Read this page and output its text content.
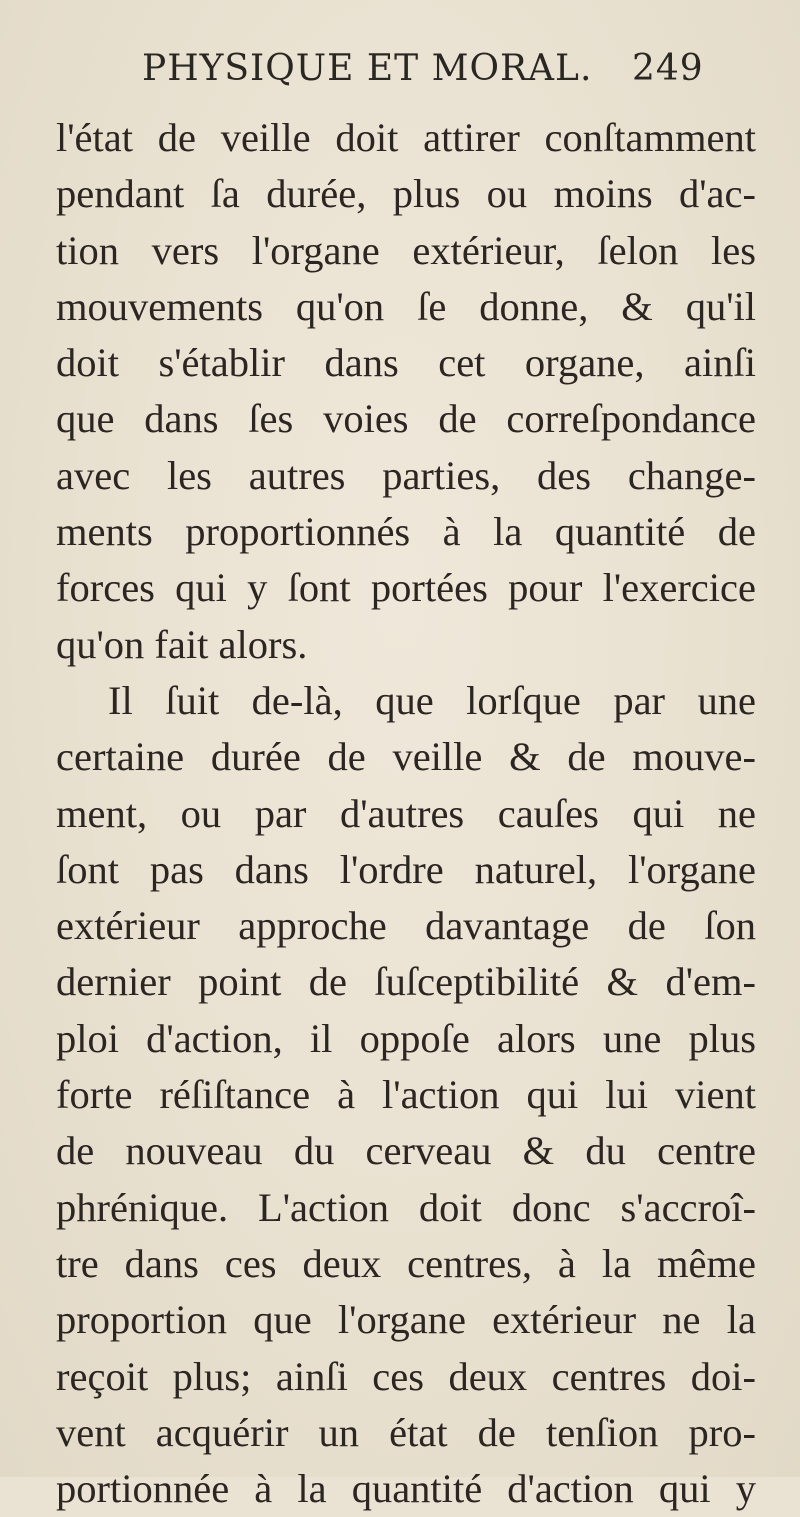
PHYSIQUE ET MORAL. 249
l'état de veille doit attirer conſtamment
pendant ſa durée, plus ou moins d'ac-
tion vers l'organe extérieur, ſelon les
mouvements qu'on ſe donne, & qu'il
doit s'établir dans cet organe, ainſi
que dans ſes voies de correſpondance
avec les autres parties, des change-
ments proportionnés à la quantité de
forces qui y ſont portées pour l'exercice
qu'on fait alors.
Il ſuit de-là, que lorſque par une
certaine durée de veille & de mouve-
ment, ou par d'autres cauſes qui ne
ſont pas dans l'ordre naturel, l'organe
extérieur approche davantage de ſon
dernier point de ſuſceptibilité & d'em-
ploi d'action, il oppoſe alors une plus
forte réſiſtance à l'action qui lui vient
de nouveau du cerveau & du centre
phrénique. L'action doit donc s'accroî-
tre dans ces deux centres, à la même
proportion que l'organe extérieur ne la
reçoit plus; ainſi ces deux centres doi-
vent acquérir un état de tenſion pro-
portionnée à la quantité d'action qui y
